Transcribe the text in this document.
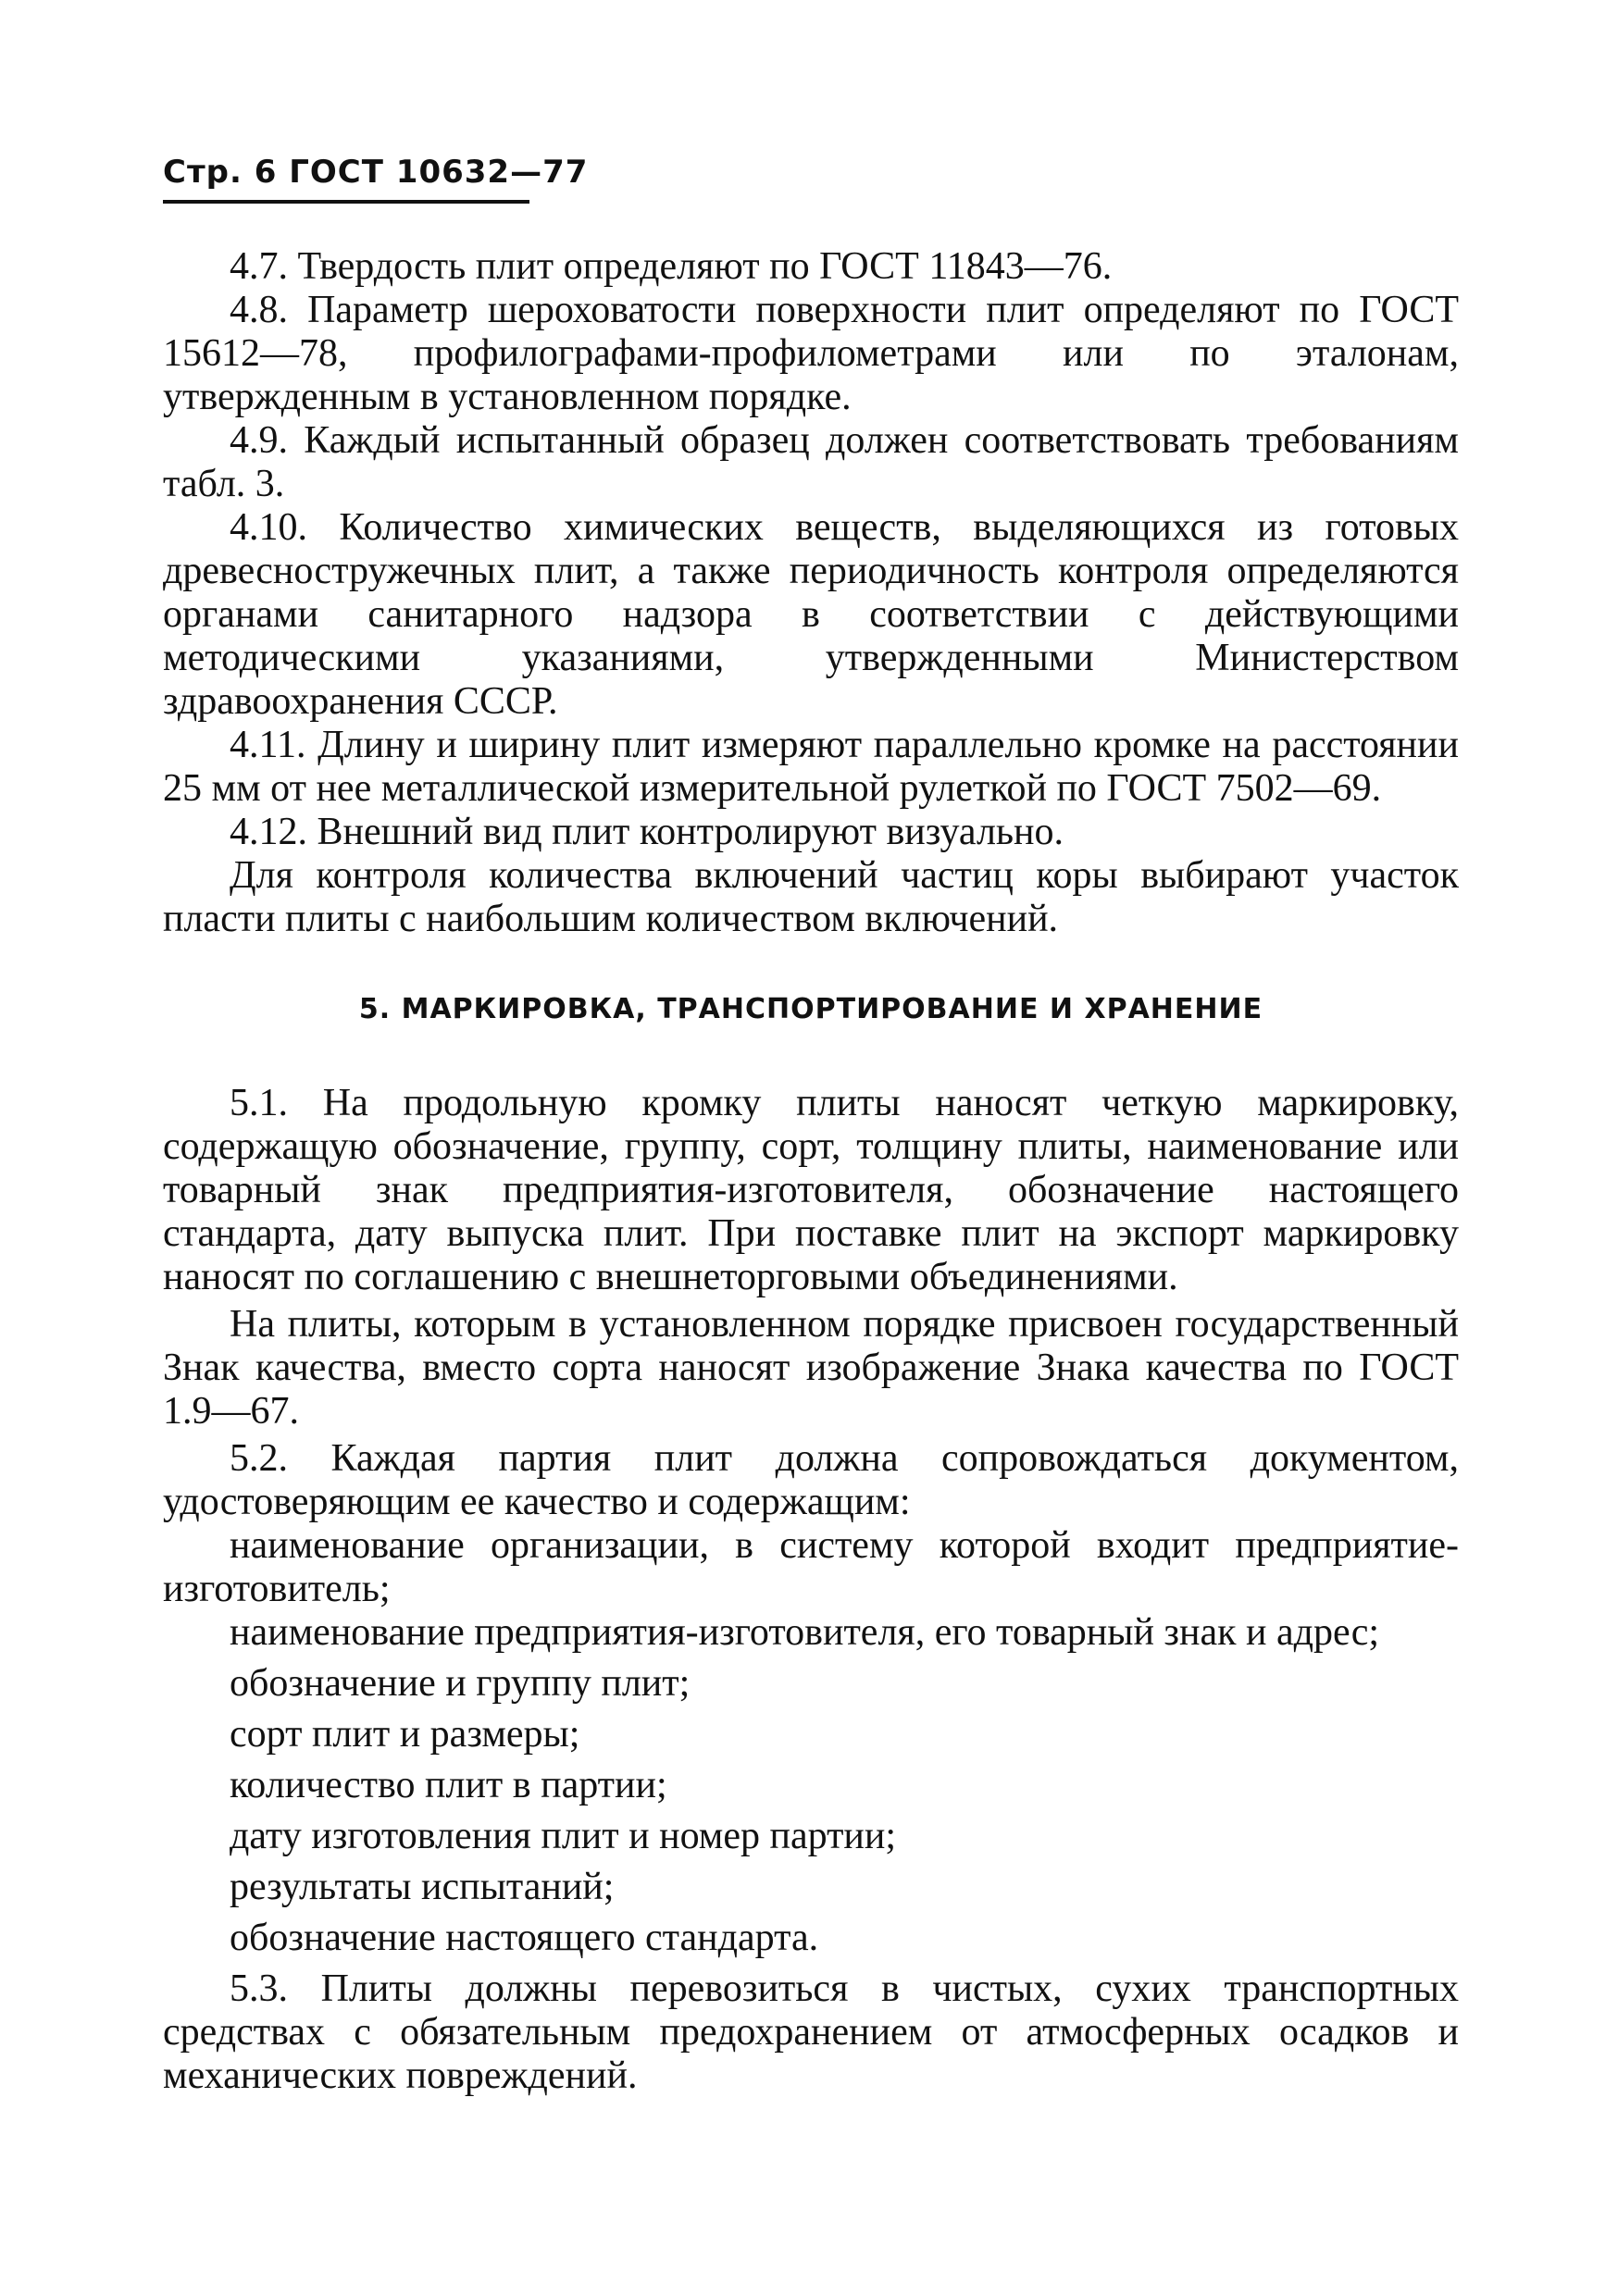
Стр. 6 ГОСТ 10632—77

4.7. Твердость плит определяют по ГОСТ 11843—76.

4.8. Параметр шероховатости поверхности плит определяют по ГОСТ 15612—78, профилографами-профилометрами или по эталонам, утвержденным в установленном порядке.

4.9. Каждый испытанный образец должен соответствовать требованиям табл. 3.

4.10. Количество химических веществ, выделяющихся из готовых древесностружечных плит, а также периодичность контроля определяются органами санитарного надзора в соответствии с действующими методическими указаниями, утвержденными Министерством здравоохранения СССР.

4.11. Длину и ширину плит измеряют параллельно кромке на расстоянии 25 мм от нее металлической измерительной рулеткой по ГОСТ 7502—69.

4.12. Внешний вид плит контролируют визуально.

Для контроля количества включений частиц коры выбирают участок пласти плиты с наибольшим количеством включений.

5. МАРКИРОВКА, ТРАНСПОРТИРОВАНИЕ И ХРАНЕНИЕ

5.1. На продольную кромку плиты наносят четкую маркировку, содержащую обозначение, группу, сорт, толщину плиты, наименование или товарный знак предприятия-изготовителя, обозначение настоящего стандарта, дату выпуска плит. При поставке плит на экспорт маркировку наносят по соглашению с внешнеторговыми объединениями.

На плиты, которым в установленном порядке присвоен государственный Знак качества, вместо сорта наносят изображение Знака качества по ГОСТ 1.9—67.

5.2. Каждая партия плит должна сопровождаться документом, удостоверяющим ее качество и содержащим:

наименование организации, в систему которой входит предприятие-изготовитель;

наименование предприятия-изготовителя, его товарный знак и адрес;

обозначение и группу плит;

сорт плит и размеры;

количество плит в партии;

дату изготовления плит и номер партии;

результаты испытаний;

обозначение настоящего стандарта.

5.3. Плиты должны перевозиться в чистых, сухих транспортных средствах с обязательным предохранением от атмосферных осадков и механических повреждений.
